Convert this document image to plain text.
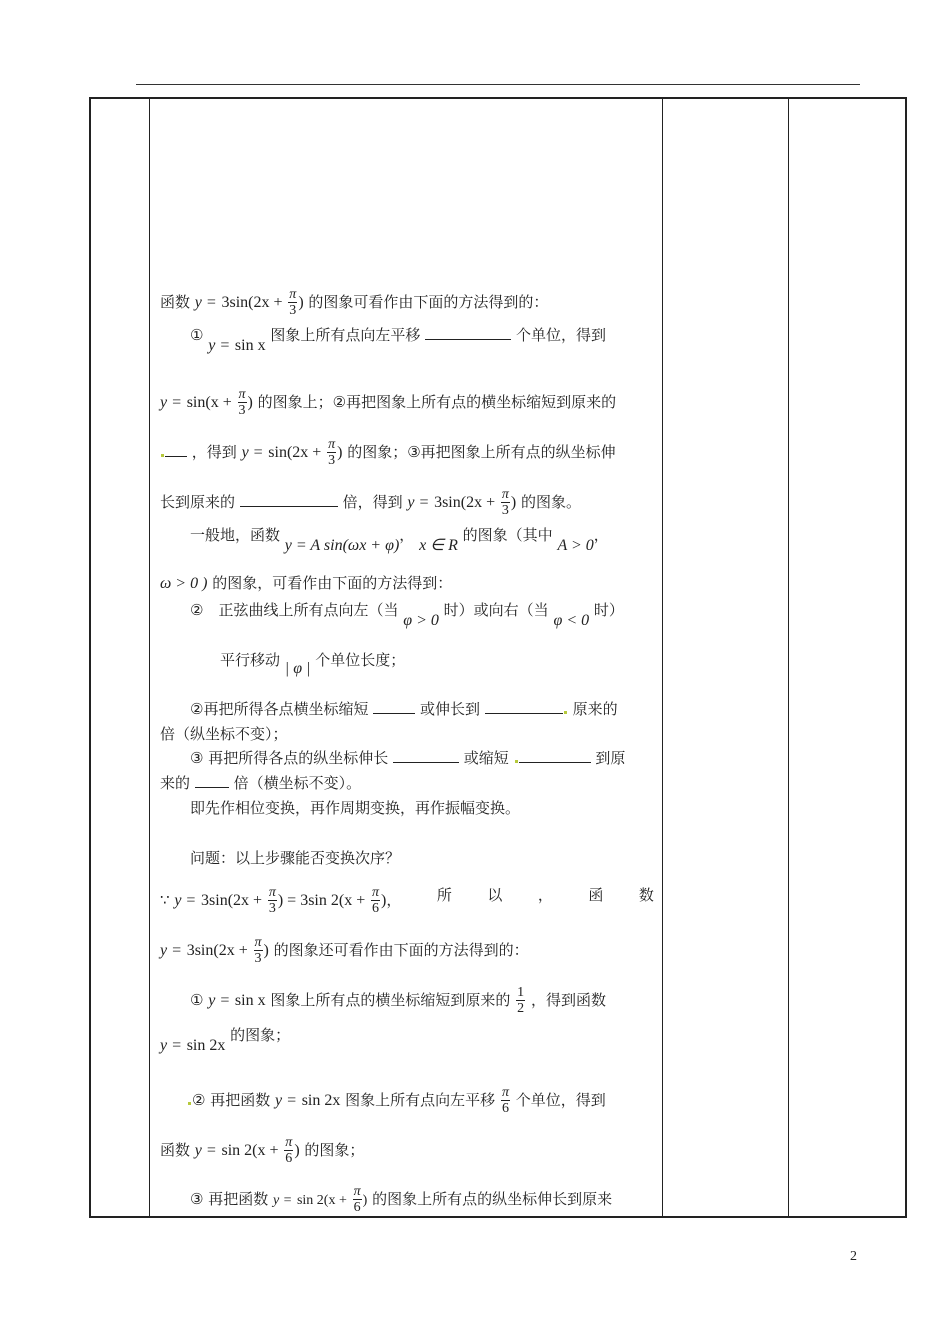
函数 $y = 3\sin(2x + \frac{\pi}{3}$ ) 的图象可看作由下面的方法得到的：
① y = sin x 图象上所有点向左平移	个单位，得到
$y = \sin(x + \frac{\pi}{3}$ ) 的图象上；②再把图象上所有点的横坐标缩短到原来的
，得到 $y = \sin(2x + \frac{\pi}{3}$ ) 的图象；③再把图象上所有点的纵坐标伸
长到原来的	倍，得到 $y = 3\sin(2x + \frac{\pi}{3}$ ) 的图象。
一般地，函数 y = A sin(ωx + φ)， x ∈ R 的图象（其中 A > 0，
ω > 0 ) 的图象，可看作由下面的方法得到：
②　正弦曲线上所有点向左（当 φ > 0 时）或向右（当 φ < 0 时）
平行移动 | φ | 个单位长度；
②再把所得各点横坐标缩短	或伸长到	原来的
倍（纵坐标不变）；
③ 再把所得各点的纵坐标伸长	或缩短	到原
来的	倍（横坐标不变）。
即先作相位变换，再作周期变换，再作振幅变换。
问题：以上步骤能否变换次序？
∵ $y = 3\sin(2x + \frac{\pi}{3}$ ) = 3sin $2(x + \frac{\pi}{6}$ )， 所 以 ， 函 数
$y = 3\sin(2x + \frac{\pi}{3}$ ) 的图象还可看作由下面的方法得到的：
① y = sin x 图象上所有点的横坐标缩短到原来的 $\frac{1}{2}$ ，得到函数
y = sin 2x 的图象；
② 再把函数 y = sin 2x 图象上所有点向左平移 $\frac{\pi}{6}$ 个单位，得到
函数 $y = \sin 2(x + \frac{\pi}{6}$ ) 的图象；
③ 再把函数 $y = \sin 2(x + \frac{\pi}{6}$ ) 的图象上所有点的纵坐标伸长到原来
2
